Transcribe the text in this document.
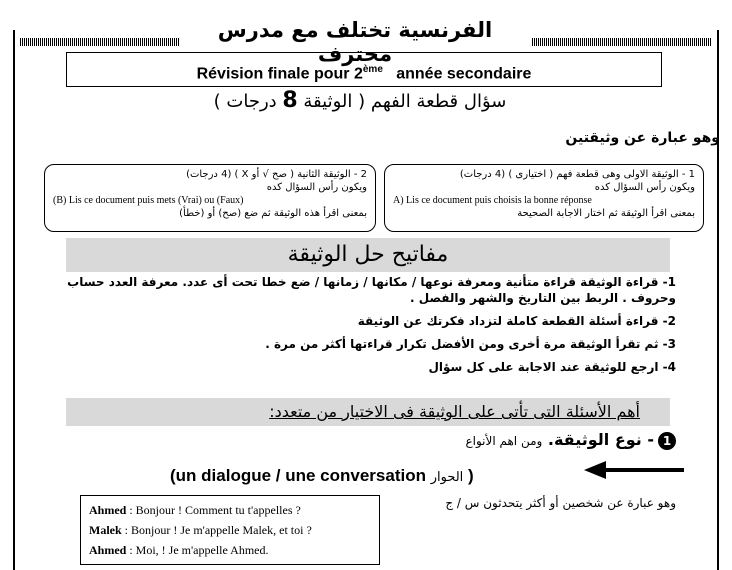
الفرنسية تختلف مع مدرس محترف
Révision finale pour 2ème année secondaire
سؤال قطعة الفهم ( الوثيقة 8 درجات )
وهو عبارة عن وثيقتين
1 - الوثيقة الاولى وهى قطعة فهم ( اختيارى ) (4 درجات)
ويكون رأس السؤال كده
A) Lis ce document puis choisis la bonne réponse
بمعنى اقرأ الوثيقة ثم اختار الاجابة الصحيحة
2 - الوثيقة الثانية ( صح √ أو X ) (4 درجات)
ويكون رأس السؤال كده
(B) Lis ce document puis mets (Vrai) ou (Faux)
بمعنى اقرأ هذه الوثيقة ثم ضع (صح) أو (خطأ)
مفاتيح حل الوثيقة
1- قراءة الوثيقة قراءة متأنية ومعرفة نوعها / مكانها / زمانها / ضع خطا تحت أى عدد. معرفة العدد حساب وحروف . الربط بين التاريخ والشهر والفصل .
2- قراءة أسئلة القطعة كاملة لتزداد فكرتك عن الوثيقة
3- ثم تقرأ الوثيقة مرة أخرى ومن الأفضل تكرار قراءتها أكثر من مرة .
4- ارجع للوثيقة عند الاجابة على كل سؤال
أهم الأسئلة التى تأتى على الوثيقة فى الاختيار من متعدد:
1- نوع الوثيقة. ومن اهم الأنواع
(un dialogue / une conversation الحوار )
وهو عبارة عن شخصين أو أكثر يتحدثون س / ج
Ahmed : Bonjour ! Comment tu t'appelles ?
Malek : Bonjour ! Je m'appelle Malek, et toi ?
Ahmed : Moi, ! Je m'appelle Ahmed.
